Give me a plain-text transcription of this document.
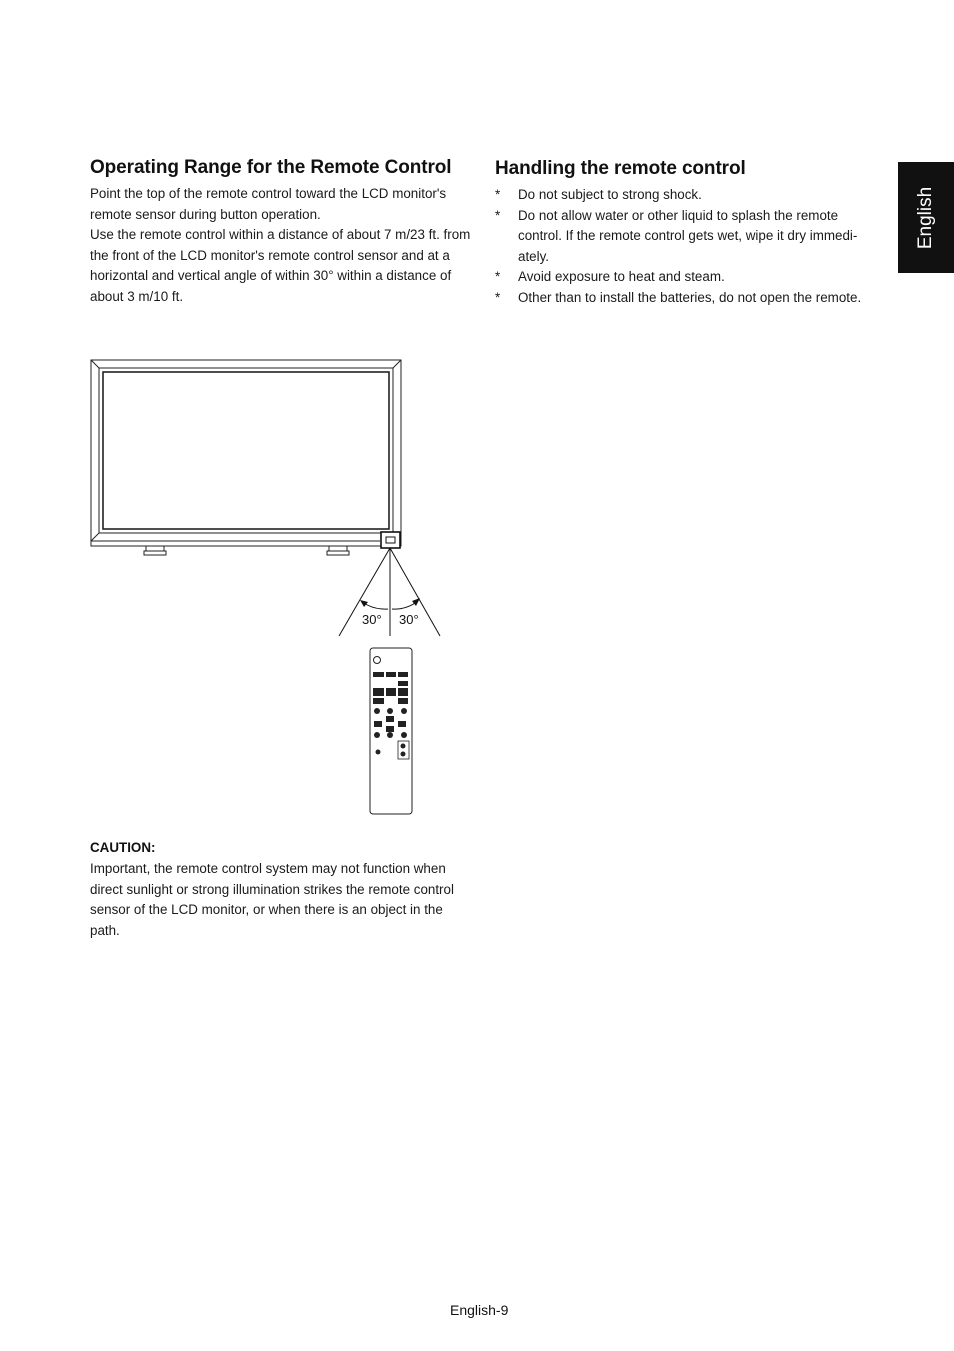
English
Operating Range for the Remote Control

Point the top of the remote control toward the LCD monitor's remote sensor during button operation.

Use the remote control within a distance of about 7 m/23 ft. from the front of the LCD monitor's remote control sensor and at a horizontal and vertical angle of within 30° within a distance of about 3 m/10 ft.

Handling the remote control
* Do not subject to strong shock.
* Do not allow water or other liquid to splash the remote control. If the remote control gets wet, wipe it dry immedi-ately.
* Avoid exposure to heat and steam.
* Other than to install the batteries, do not open the remote.
30° 30°
CAUTION:
Important, the remote control system may not function when direct sunlight or strong illumination strikes the remote control sensor of the LCD monitor, or when there is an object in the path.
English-9
